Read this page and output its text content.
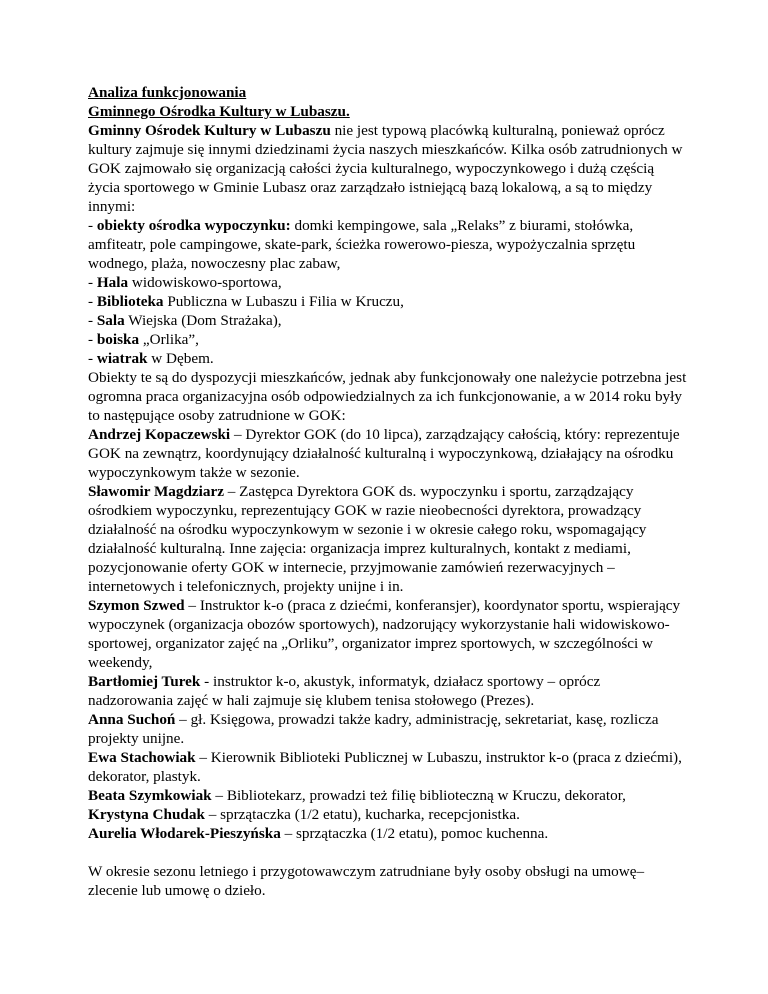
Analiza funkcjonowania
Gminnego Ośrodka Kultury w Lubaszu.

Gminny Ośrodek Kultury w Lubaszu nie jest typową placówką kulturalną, ponieważ oprócz kultury zajmuje się innymi dziedzinami życia naszych mieszkańców. Kilka osób zatrudnionych w GOK zajmowało się organizacją całości życia kulturalnego, wypoczynkowego i dużą częścią życia sportowego w Gminie Lubasz oraz zarządzało istniejącą bazą lokalową, a są to między innymi:

- obiekty ośrodka wypoczynku: domki kempingowe, sala „Relaks” z biurami, stołówka, amfiteatr, pole campingowe, skate-park, ścieżka rowerowo-piesza, wypożyczalnia sprzętu wodnego, plaża, nowoczesny plac zabaw,

- Hala widowiskowo-sportowa,

- Biblioteka Publiczna w Lubaszu i Filia w Kruczu,

- Sala Wiejska (Dom Strażaka),

- boiska „Orlika”,

- wiatrak w Dębem.

Obiekty te są do dyspozycji mieszkańców, jednak aby funkcjonowały one należycie potrzebna jest ogromna praca organizacyjna osób odpowiedzialnych za ich funkcjonowanie, a w 2014 roku były to następujące osoby zatrudnione w GOK:

Andrzej Kopaczewski – Dyrektor GOK (do 10 lipca), zarządzający całością, który: reprezentuje GOK na zewnątrz, koordynujący działalność kulturalną i wypoczynkową, działający na ośrodku wypoczynkowym także w sezonie.

Sławomir Magdziarz – Zastępca Dyrektora GOK ds. wypoczynku i sportu, zarządzający ośrodkiem wypoczynku, reprezentujący GOK w razie nieobecności dyrektora, prowadzący działalność na ośrodku wypoczynkowym w sezonie i w okresie całego roku, wspomagający działalność kulturalną. Inne zajęcia: organizacja imprez kulturalnych, kontakt z mediami, pozycjonowanie oferty GOK w internecie, przyjmowanie zamówień rezerwacyjnych – internetowych i telefonicznych, projekty unijne i in.

Szymon Szwed – Instruktor k-o (praca z dziećmi, konferansjer), koordynator sportu, wspierający wypoczynek (organizacja obozów sportowych), nadzorujący wykorzystanie hali widowiskowo-sportowej, organizator zajęć na „Orliku”, organizator imprez sportowych, w szczególności w weekendy,

Bartłomiej Turek - instruktor k-o, akustyk, informatyk, działacz sportowy – oprócz nadzorowania zajęć w hali zajmuje się klubem tenisa stołowego (Prezes).

Anna Suchoń – gł. Księgowa, prowadzi także kadry, administrację, sekretariat, kasę, rozlicza projekty unijne.

Ewa Stachowiak – Kierownik Biblioteki Publicznej w Lubaszu, instruktor k-o (praca z dziećmi), dekorator, plastyk.

Beata Szymkowiak – Bibliotekarz, prowadzi też filię biblioteczną w Kruczu, dekorator, Krystyna Chudak – sprzątaczka (1/2 etatu), kucharka, recepcjonistka.

Aurelia Włodarek-Pieszyńska – sprzątaczka (1/2 etatu), pomoc kuchenna.

W okresie sezonu letniego i przygotowawczym zatrudniane były osoby obsługi na umowę–zlecenie lub umowę o dzieło.
